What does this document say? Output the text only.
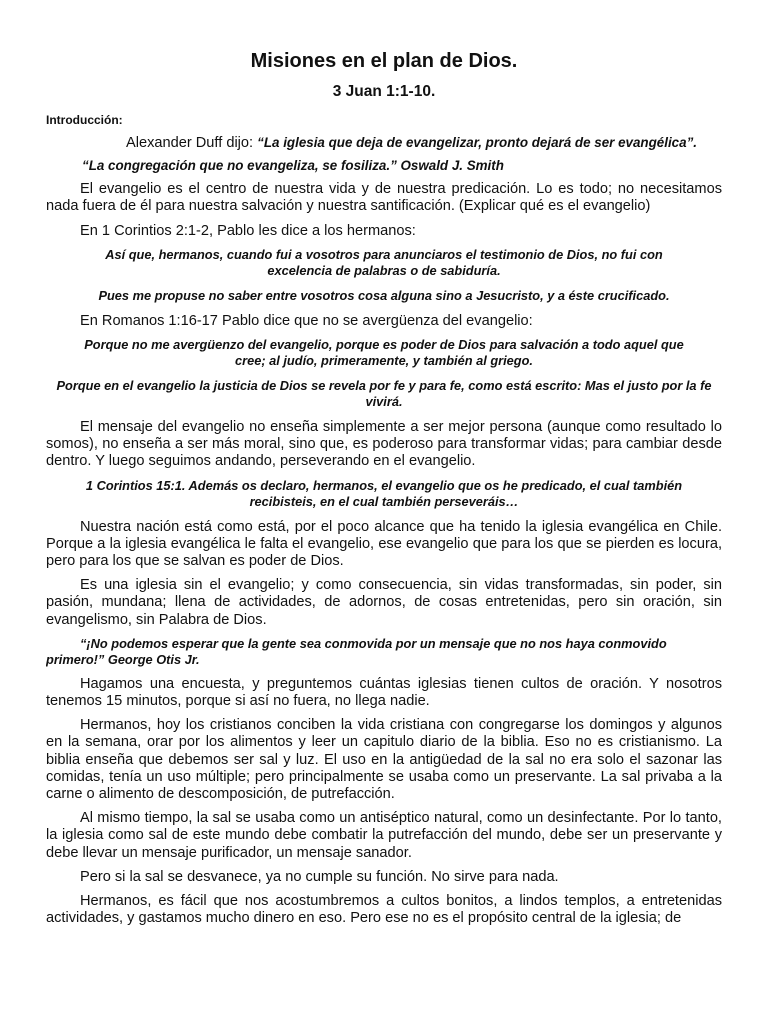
Misiones en el plan de Dios.
3 Juan 1:1-10.
Introducción:

Alexander Duff dijo: “La iglesia que deja de evangelizar, pronto dejará de ser evangélica”.

“La congregación que no evangeliza, se fosiliza.” Oswald J. Smith

El evangelio es el centro de nuestra vida y de nuestra predicación. Lo es todo; no necesitamos nada fuera de él para nuestra salvación y nuestra santificación. (Explicar qué es el evangelio)

En 1 Corintios 2:1-2, Pablo les dice a los hermanos:

Así que, hermanos, cuando fui a vosotros para anunciaros el testimonio de Dios, no fui con excelencia de palabras o de sabiduría.

Pues me propuse no saber entre vosotros cosa alguna sino a Jesucristo, y a éste crucificado.

En Romanos 1:16-17 Pablo dice que no se avergüenza del evangelio:

Porque no me avergüenzo del evangelio, porque es poder de Dios para salvación a todo aquel que cree; al judío, primeramente, y también al griego.

Porque en el evangelio la justicia de Dios se revela por fe y para fe, como está escrito: Mas el justo por la fe vivirá.

El mensaje del evangelio no enseña simplemente a ser mejor persona (aunque como resultado lo somos), no enseña a ser más moral, sino que, es poderoso para transformar vidas; para cambiar desde dentro. Y luego seguimos andando, perseverando en el evangelio.

1 Corintios 15:1. Además os declaro, hermanos, el evangelio que os he predicado, el cual también recibisteis, en el cual también perseveráis…

Nuestra nación está como está, por el poco alcance que ha tenido la iglesia evangélica en Chile. Porque a la iglesia evangélica le falta el evangelio, ese evangelio que para los que se pierden es locura, pero para los que se salvan es poder de Dios.

Es una iglesia sin el evangelio; y como consecuencia, sin vidas transformadas, sin poder, sin pasión, mundana; llena de actividades, de adornos, de cosas entretenidas, pero sin oración, sin evangelismo, sin Palabra de Dios.

“¡No podemos esperar que la gente sea conmovida por un mensaje que no nos haya conmovido primero!” George Otis Jr.

Hagamos una encuesta, y preguntemos cuántas iglesias tienen cultos de oración. Y nosotros tenemos 15 minutos, porque si así no fuera, no llega nadie.

Hermanos, hoy los cristianos conciben la vida cristiana con congregarse los domingos y algunos en la semana, orar por los alimentos y leer un capitulo diario de la biblia. Eso no es cristianismo. La biblia enseña que debemos ser sal y luz. El uso en la antigüedad de la sal no era solo el sazonar las comidas, tenía un uso múltiple; pero principalmente se usaba como un preservante. La sal privaba a la carne o alimento de descomposición, de putrefacción.

Al mismo tiempo, la sal se usaba como un antiséptico natural, como un desinfectante. Por lo tanto, la iglesia como sal de este mundo debe combatir la putrefacción del mundo, debe ser un preservante y debe llevar un mensaje purificador, un mensaje sanador.

Pero si la sal se desvanece, ya no cumple su función. No sirve para nada.

Hermanos, es fácil que nos acostumbremos a cultos bonitos, a lindos templos, a entretenidas actividades, y gastamos mucho dinero en eso. Pero ese no es el propósito central de la iglesia; de
